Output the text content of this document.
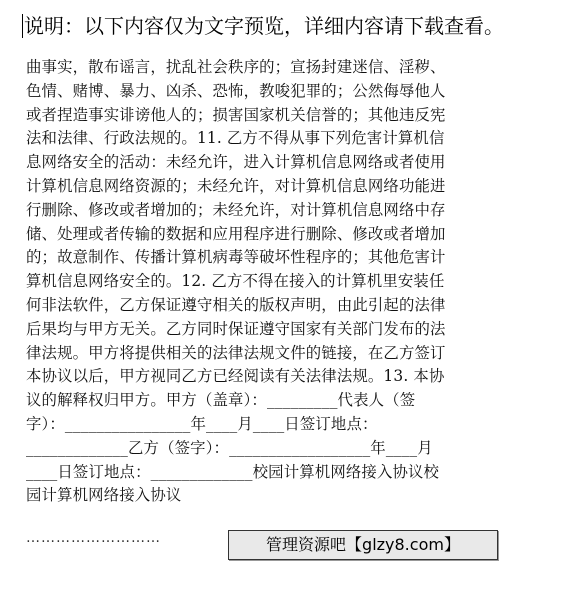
说明：以下内容仅为文字预览，详细内容请下载查看。
曲事实，散布谣言，扰乱社会秩序的；宣扬封建迷信、淫秽、
色情、赌博、暴力、凶杀、恐怖，教唆犯罪的；公然侮辱他人
或者捏造事实诽谤他人的；损害国家机关信誉的；其他违反宪
法和法律、行政法规的。11. 乙方不得从事下列危害计算机信
息网络安全的活动：未经允许，进入计算机信息网络或者使用
计算机信息网络资源的；未经允许，对计算机信息网络功能进
行删除、修改或者增加的；未经允许，对计算机信息网络中存
储、处理或者传输的数据和应用程序进行删除、修改或者增加
的；故意制作、传播计算机病毒等破坏性程序的；其他危害计
算机信息网络安全的。12. 乙方不得在接入的计算机里安装任
何非法软件，乙方保证遵守相关的版权声明，由此引起的法律
后果均与甲方无关。乙方同时保证遵守国家有关部门发布的法
律法规。甲方将提供相关的法律法规文件的链接，在乙方签订
本协议以后，甲方视同乙方已经阅读有关法律法规。13. 本协
议的解释权归甲方。甲方（盖章）：_________代表人（签
字）：________________年____月____日签订地点：
_____________乙方（签字）：__________________年____月
____日签订地点：_____________校园计算机网络接入协议校
园计算机网络接入协议
………………………	管理资源吧【glzy8.com】
